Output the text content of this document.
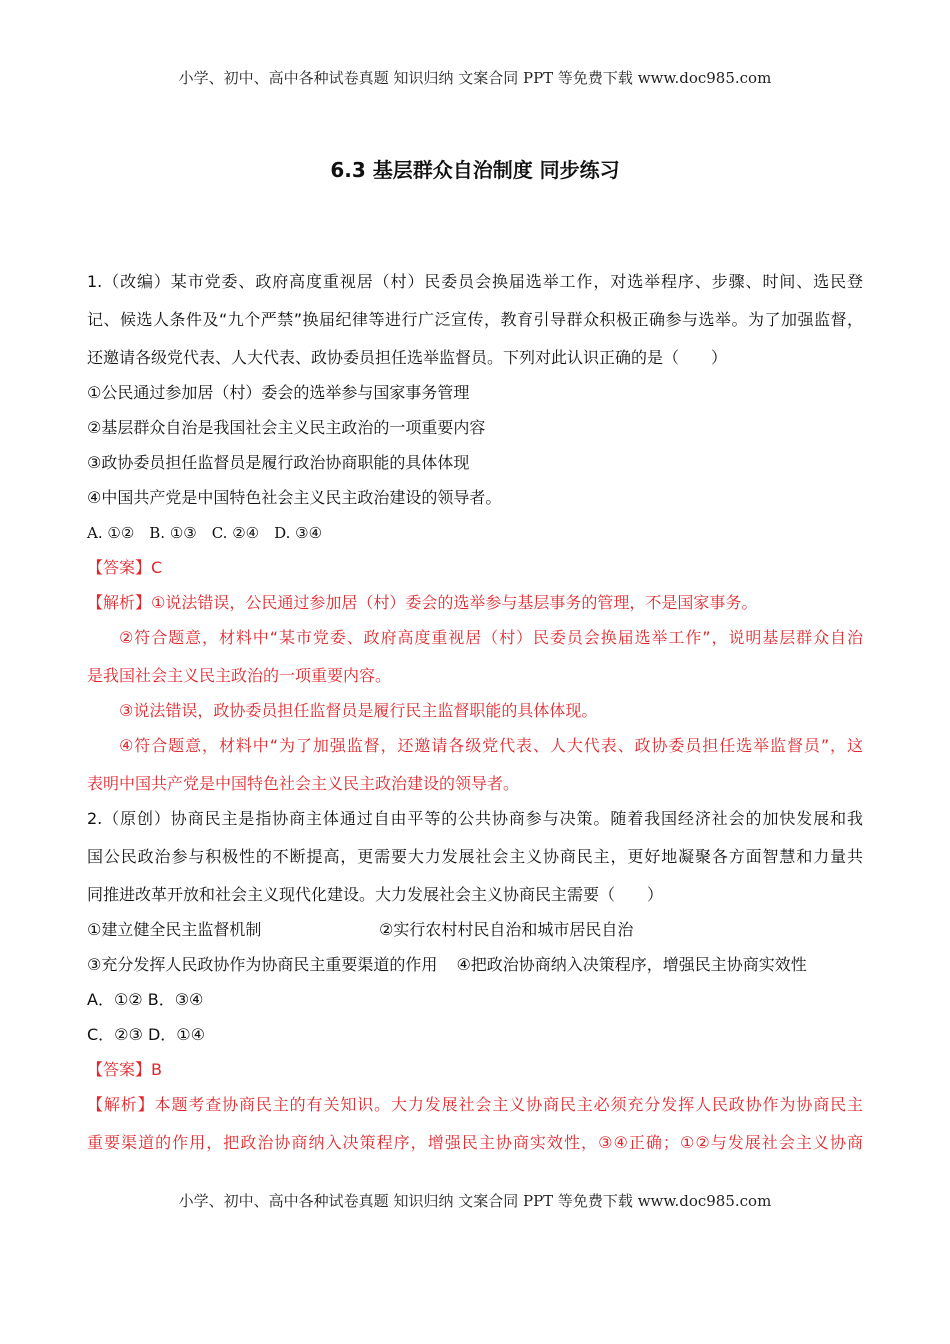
小学、初中、高中各种试卷真题 知识归纳 文案合同 PPT 等免费下载 www.doc985.com
6.3 基层群众自治制度 同步练习
1.（改编）某市党委、政府高度重视居（村）民委员会换届选举工作，对选举程序、步骤、时间、选民登
记、候选人条件及“九个严禁”换届纪律等进行广泛宣传，教育引导群众积极正确参与选举。为了加强监督，
还邀请各级党代表、人大代表、政协委员担任选举监督员。下列对此认识正确的是（　　）
①公民通过参加居（村）委会的选举参与国家事务管理
②基层群众自治是我国社会主义民主政治的一项重要内容
③政协委员担任监督员是履行政治协商职能的具体体现
④中国共产党是中国特色社会主义民主政治建设的领导者。
A. ①②　B. ①③　C. ②④　D. ③④
【答案】C
【解析】①说法错误，公民通过参加居（村）委会的选举参与基层事务的管理，不是国家事务。
②符合题意，材料中“某市党委、政府高度重视居（村）民委员会换届选举工作”，说明基层群众自治
是我国社会主义民主政治的一项重要内容。
③说法错误，政协委员担任监督员是履行民主监督职能的具体体现。
④符合题意，材料中“为了加强监督，还邀请各级党代表、人大代表、政协委员担任选举监督员”，这
表明中国共产党是中国特色社会主义民主政治建设的领导者。
2.（原创）协商民主是指协商主体通过自由平等的公共协商参与决策。随着我国经济社会的加快发展和我
国公民政治参与积极性的不断提高，更需要大力发展社会主义协商民主，更好地凝聚各方面智慧和力量共
同推进改革开放和社会主义现代化建设。大力发展社会主义协商民主需要（　　）
①建立健全民主监督机制	②实行农村村民自治和城市居民自治
③充分发挥人民政协作为协商民主重要渠道的作用 ④把政治协商纳入决策程序，增强民主协商实效性
A．①② B．③④
C．②③ D．①④
【答案】B
【解析】本题考查协商民主的有关知识。大力发展社会主义协商民主必须充分发挥人民政协作为协商民主
重要渠道的作用，把政治协商纳入决策程序，增强民主协商实效性，③④正确；①②与发展社会主义协商
小学、初中、高中各种试卷真题 知识归纳 文案合同 PPT 等免费下载 www.doc985.com
